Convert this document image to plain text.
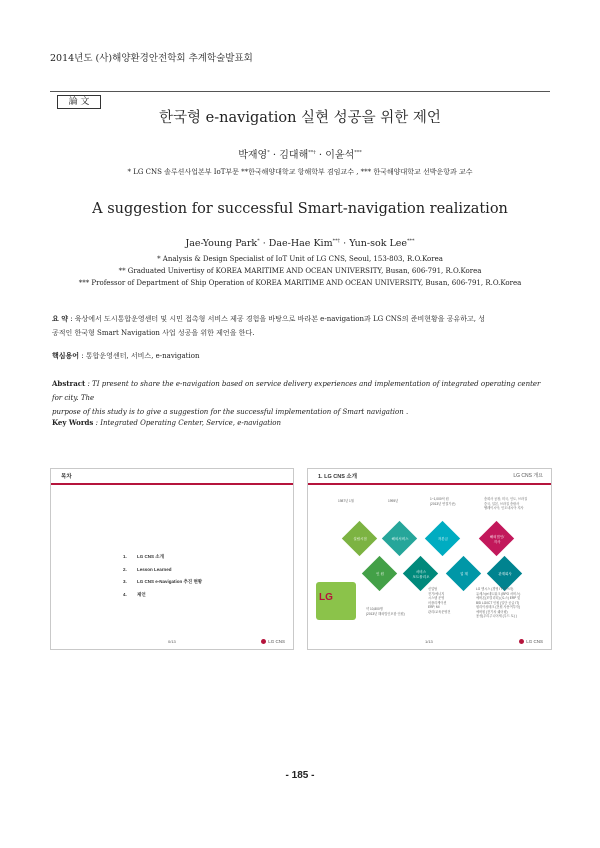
2014년도 (사)해양환경안전학회 추계학술발표회
論 文
한국형 e-navigation 실현 성공을 위한 제언
박재영* · 김대해**† · 이윤석***
* LG CNS 솔루션사업본부 IoT부문 **한국해양대학교 항해학부 겸임교수 , *** 한국해양대학교 선박운항과 교수
A suggestion for successful Smart-navigation realization
Jae-Young Park* · Dae-Hae Kim**† · Yun-sok Lee***
* Analysis & Design Specialist of IoT Unit of LG CNS, Seoul, 153-803, R.O.Korea
** Graduated Univertisy of KOREA MARITIME AND OCEAN UNIVERSITY, Busan, 606-791, R.O.Korea
*** Professor of Department of Ship Operation of KOREA MARITIME AND OCEAN UNIVERSITY, Busan, 606-791, R.O.Korea
요 약 : 육상에서 도시통합운영센터 및 시민 접촉형 서비스 제공 경험을 바탕으로 바라본 e-navigation과 LG CNS의 준비현황을 공유하고, 성
공적인 한국형 Smart Navigation 사업 성공을 위한 제언을 한다.
핵심용어 : 통합운영센터, 서비스, e-navigation
Abstract : TI present to share the e-navigation based on service delivery experiences and implementation of integrated operating center for city. The
purpose of this study is to give a suggestion for the successful implementation of Smart navigation .
Key Words : Integrated Operating Center, Service, e-navigation
목차
1. LG CNS 소개
2. Lesson Learned
3. LG CNS e-Navigation 추진 현황
4. 제언
0/13	LG CNS
1. LG CNS 소개	LG CNS 개요
1987년 1월	1995년	1~1,000억 원
(2013년 연결기준)
총회사 공장, 미국, 인도, 브라질
중국, 일본, 브라질 총괄사
헬레이시아, 인도네시아 지사
설립시점	해외서비스	자본금	해외법인/
지사
인 원	서비스
포트폴리오
업 계	관계회사
LG
약 10,800명
(2013년 해외법인포함 인원)
신업팀
전기/에너지
시스템 운영
어플리케이션
ERP, MI
관리/교육운영전
LG 엔시스 (경영 IT 인프라)
유세스(e네트워크 (BPO 서비스)
에버온(모빌리티) (로스) ERP 및
BSI LG/ICT 인원 (일단 공급 IT)
원리이싱테크 (전원 사용여부자)
에버원 (전기차 쉐어링)
옹성(우리주니어세 (우드 토) )
1/13	LG CNS
- 185 -
